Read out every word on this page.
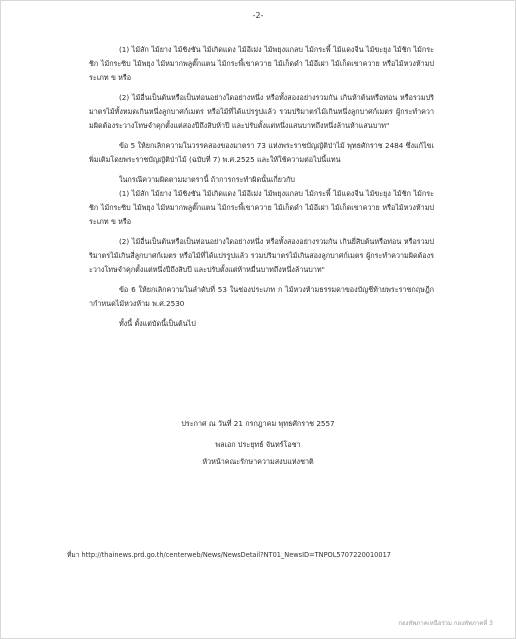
-2-

(1) ไม้สัก ไม้ยาง ไม้ชิงชัน ไม้เกิดแดง ไม้อีเม่ง ไม้พยุงแกลบ ไม้กระพี้ ไม้แดงจีน ไม้ขะยุง ไม้ชิก ไม้กระชิก ไม้กระซิบ ไม้พยุง ไม้หมากพลูตั๊กแตน ไม้กระพี้เขาควาย ไม้เก็ดดำ ไม้อีเผ่า ไม้เก็ดเขาควาย หรือไม้หวงห้ามประเภท ข หรือ

(2) ไม้อื่นเป็นต้นหรือเป็นท่อนอย่างใดอย่างหนึ่ง หรือทั้งสองอย่างรวมกัน เกินห้าต้นหรือท่อน หรือรวมปริมาตรไม้ทั้งหมดเกินหนึ่งลูกบาศก์เมตร หรือไม้ที่ได้แปรรูปแล้ว รวมปริมาตรไม้เกินหนึ่งลูกบาศก์เมตร ผู้กระทำความผิดต้องระวางโทษจำคุกตั้งแต่สองปีถึงสิบห้าปี และปรับตั้งแต่หนึ่งแสนบาทถึงหนึ่งล้านห้าแสนบาท"

ข้อ 5 ให้ยกเลิกความในวรรคสองของมาตรา 73 แห่งพระราชบัญญัติป่าไม้ พุทธศักราช 2484 ซึ่งแก้ไขเพิ่มเติมโดยพระราชบัญญัติป่าไม้ (ฉบับที่ 7) พ.ศ.2525 และให้ใช้ความต่อไปนี้แทน

ในกรณีความผิดตามมาตรานี้ ถ้าการกระทำผิดนั้นเกี่ยวกับ

(1) ไม้สัก ไม้ยาง ไม้ชิงชัน ไม้เกิดแดง ไม้อีเม่ง ไม้พยุงแกลบ ไม้กระพี้ ไม้แดงจีน ไม้ขะยุง ไม้ชิก ไม้กระชิก ไม้กระซิบ ไม้พยุง ไม้หมากพลูตั๊กแตน ไม้กระพี้เขาควาย ไม้เก็ดดำ ไม้อีเผ่า ไม้เก็ดเขาควาย หรือไม้หวงห้ามประเภท ข หรือ

(2) ไม้อื่นเป็นต้นหรือเป็นท่อนอย่างใดอย่างหนึ่ง หรือทั้งสองอย่างรวมกัน เกินยี่สิบต้นหรือท่อน หรือรวมปริมาตรไม้เกินสี่ลูกบาศก์เมตร หรือไม้ที่ได้แปรรูปแล้ว รวมปริมาตรไม้เกินสองลูกบาศก์เมตร ผู้กระทำความผิดต้องระวางโทษจำคุกตั้งแต่หนึ่งปีถึงสิบปี และปรับตั้งแต่ห้าหมื่นบาทถึงหนึ่งล้านบาท"

ข้อ 6 ให้ยกเลิกความในลำดับที่ 53 ในช่องประเภท ก ไม้หวงห้ามธรรมดาของบัญชีท้ายพระราชกฤษฎีกากำหนดไม้หวงห้าม พ.ศ.2530

ทั้งนี้ ตั้งแต่บัดนี้เป็นต้นไป

ประกาศ ณ วันที่ 21 กรกฎาคม พุทธศักราช 2557
พลเอก ประยุทธ์ จันทร์โอชา
หัวหน้าคณะรักษาความสงบแห่งชาติ
ที่มา http://thainews.prd.go.th/centerweb/News/NewsDetail?NT01_NewsID=TNPOL5707220010017
กองทัพภาคเหนือร่วม กองทัพภาคที่ 3
